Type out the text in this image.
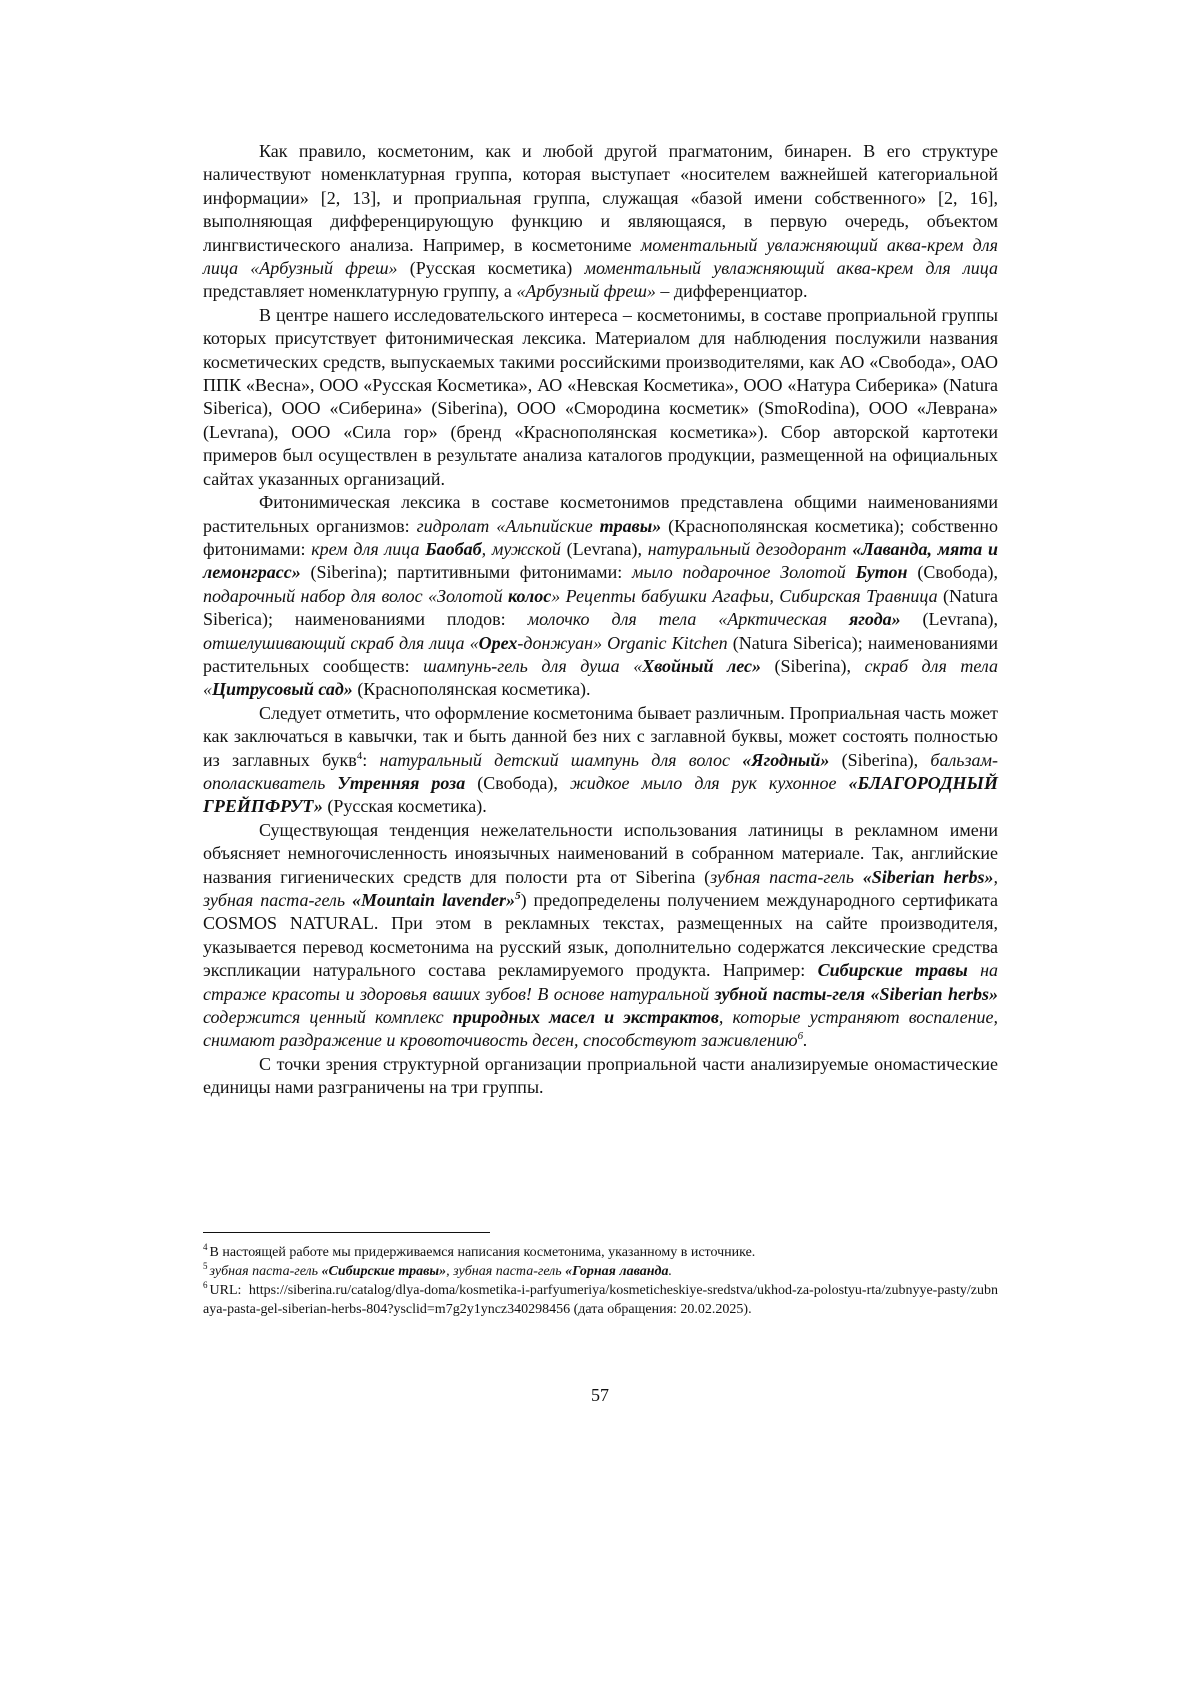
Как правило, косметоним, как и любой другой прагматоним, бинарен. В его структуре наличествуют номенклатурная группа, которая выступает «носителем важнейшей категориальной информации» [2, 13], и проприальная группа, служащая «базой имени собственного» [2, 16], выполняющая дифференцирующую функцию и являющаяся, в первую очередь, объектом лингвистического анализа. Например, в косметониме моментальный увлажняющий аква-крем для лица «Арбузный фреш» (Русская косметика) моментальный увлажняющий аква-крем для лица представляет номенклатурную группу, а «Арбузный фреш» – дифференциатор.

В центре нашего исследовательского интереса – косметонимы, в составе проприальной группы которых присутствует фитонимическая лексика. Материалом для наблюдения послужили названия косметических средств, выпускаемых такими российскими производителями, как АО «Свобода», ОАО ППК «Весна», ООО «Русская Косметика», АО «Невская Косметика», ООО «Натура Сиберика» (Natura Siberica), ООО «Сиберина» (Siberina), ООО «Смородина косметик» (SmoRodina), ООО «Леврана» (Levrana), ООО «Сила гор» (бренд «Краснополянская косметика»). Сбор авторской картотеки примеров был осуществлен в результате анализа каталогов продукции, размещенной на официальных сайтах указанных организаций.

Фитонимическая лексика в составе косметонимов представлена общими наименованиями растительных организмов: гидролат «Альпийские травы» (Краснополянская косметика); собственно фитонимами: крем для лица Баобаб, мужской (Levrana), натуральный дезодорант «Лаванда, мята и лемонграсс» (Siberina); партитивными фитонимами: мыло подарочное Золотой Бутон (Свобода), подарочный набор для волос «Золотой колос» Рецепты бабушки Агафьи, Сибирская Травница (Natura Siberica); наименованиями плодов: молочко для тела «Арктическая ягода» (Levrana), отшелушивающий скраб для лица «Орех-донжуан» Organic Kitchen (Natura Siberica); наименованиями растительных сообществ: шампунь-гель для душа «Хвойный лес» (Siberina), скраб для тела «Цитрусовый сад» (Краснополянская косметика).

Следует отметить, что оформление косметонима бывает различным. Проприальная часть может как заключаться в кавычки, так и быть данной без них с заглавной буквы, может состоять полностью из заглавных букв$^4$: натуральный детский шампунь для волос «Ягодный» (Siberina), бальзам-ополаскиватель Утренняя роза (Свобода), жидкое мыло для рук кухонное «БЛАГОРОДНЫЙ ГРЕЙПФРУТ» (Русская косметика).

Существующая тенденция нежелательности использования латиницы в рекламном имени объясняет немногочисленность иноязычных наименований в собранном материале. Так, английские названия гигиенических средств для полости рта от Siberina (зубная паста-гель «Siberian herbs», зубная паста-гель «Mountain lavender»$^5$) предопределены получением международного сертификата COSMOS NATURAL. При этом в рекламных текстах, размещенных на сайте производителя, указывается перевод косметонима на русский язык, дополнительно содержатся лексические средства экспликации натурального состава рекламируемого продукта. Например: Сибирские травы на страже красоты и здоровья ваших зубов! В основе натуральной зубной пасты-геля «Siberian herbs» содержится ценный комплекс природных масел и экстрактов, которые устраняют воспаление, снимают раздражение и кровоточивость десен, способствуют заживлению$^6$.

С точки зрения структурной организации проприальной части анализируемые ономастические единицы нами разграничены на три группы.

$^4$ В настоящей работе мы придерживаемся написания косметонима, указанному в источнике.

$^5$ зубная паста-гель «Сибирские травы», зубная паста-гель «Горная лаванда.

$^6$ URL: https://siberina.ru/catalog/dlya-doma/kosmetika-i-parfyumeriya/kosmeticheskiye-sredstva/ukhod-za-polostyu-rta/zubnyye-pasty/zubnaya-pasta-gel-siberian-herbs-804?ysclid=m7g2y1yncz340298456 (дата обращения: 20.02.2025).

57
